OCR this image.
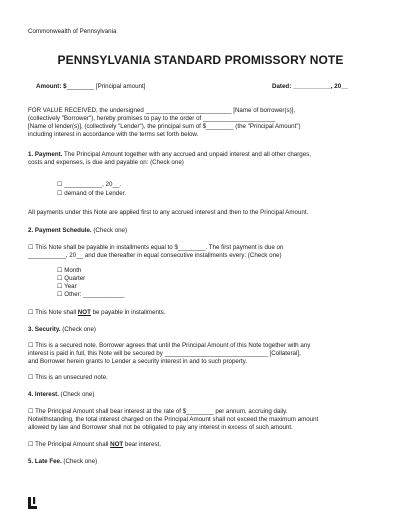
Commonwealth of Pennsylvania
PENNSYLVANIA STANDARD PROMISSORY NOTE
Amount: $________ [Principal amount]	Dated: ___________, 20__
FOR VALUE RECEIVED, the undersigned _________________________ [Name of borrower(s)],
(collectively "Borrower"), hereby promises to pay to the order of _____________________
[Name of lender(s)], (collectively "Lender"), the principal sum of $________ (the "Principal Amount")
including interest in accordance with the terms set forth below.
1. Payment. The Principal Amount together with any accrued and unpaid interest and all other charges,
costs and expenses, is due and payable on: (Check one)
☐ ___________, 20__.
☐ demand of the Lender.
All payments under this Note are applied first to any accrued interest and then to the Principal Amount.
2. Payment Schedule. (Check one)
☐ This Note shall be payable in installments equal to $________. The first payment is due on
___________, 20__ and due thereafter in equal consecutive installments every: (Check one)
☐ Month
☐ Quarter
☐ Year
☐ Other: ____________
☐ This Note shall NOT be payable in installments.
3. Security. (Check one)
☐ This is a secured note. Borrower agrees that until the Principal Amount of this Note together with any
interest is paid in full, this Note will be secured by ______________________________ [Collateral],
and Borrower herein grants to Lender a security interest in and to such property.
☐ This is an unsecured note.
4. Interest. (Check one)
☐ The Principal Amount shall bear interest at the rate of $________ per annum, accruing daily.
Notwithstanding, the total interest charged on the Principal Amount shall not exceed the maximum amount
allowed by law and Borrower shall not be obligated to pay any interest in excess of such amount.
☐ The Principal Amount shall NOT bear interest.
5. Late Fee. (Check one)
